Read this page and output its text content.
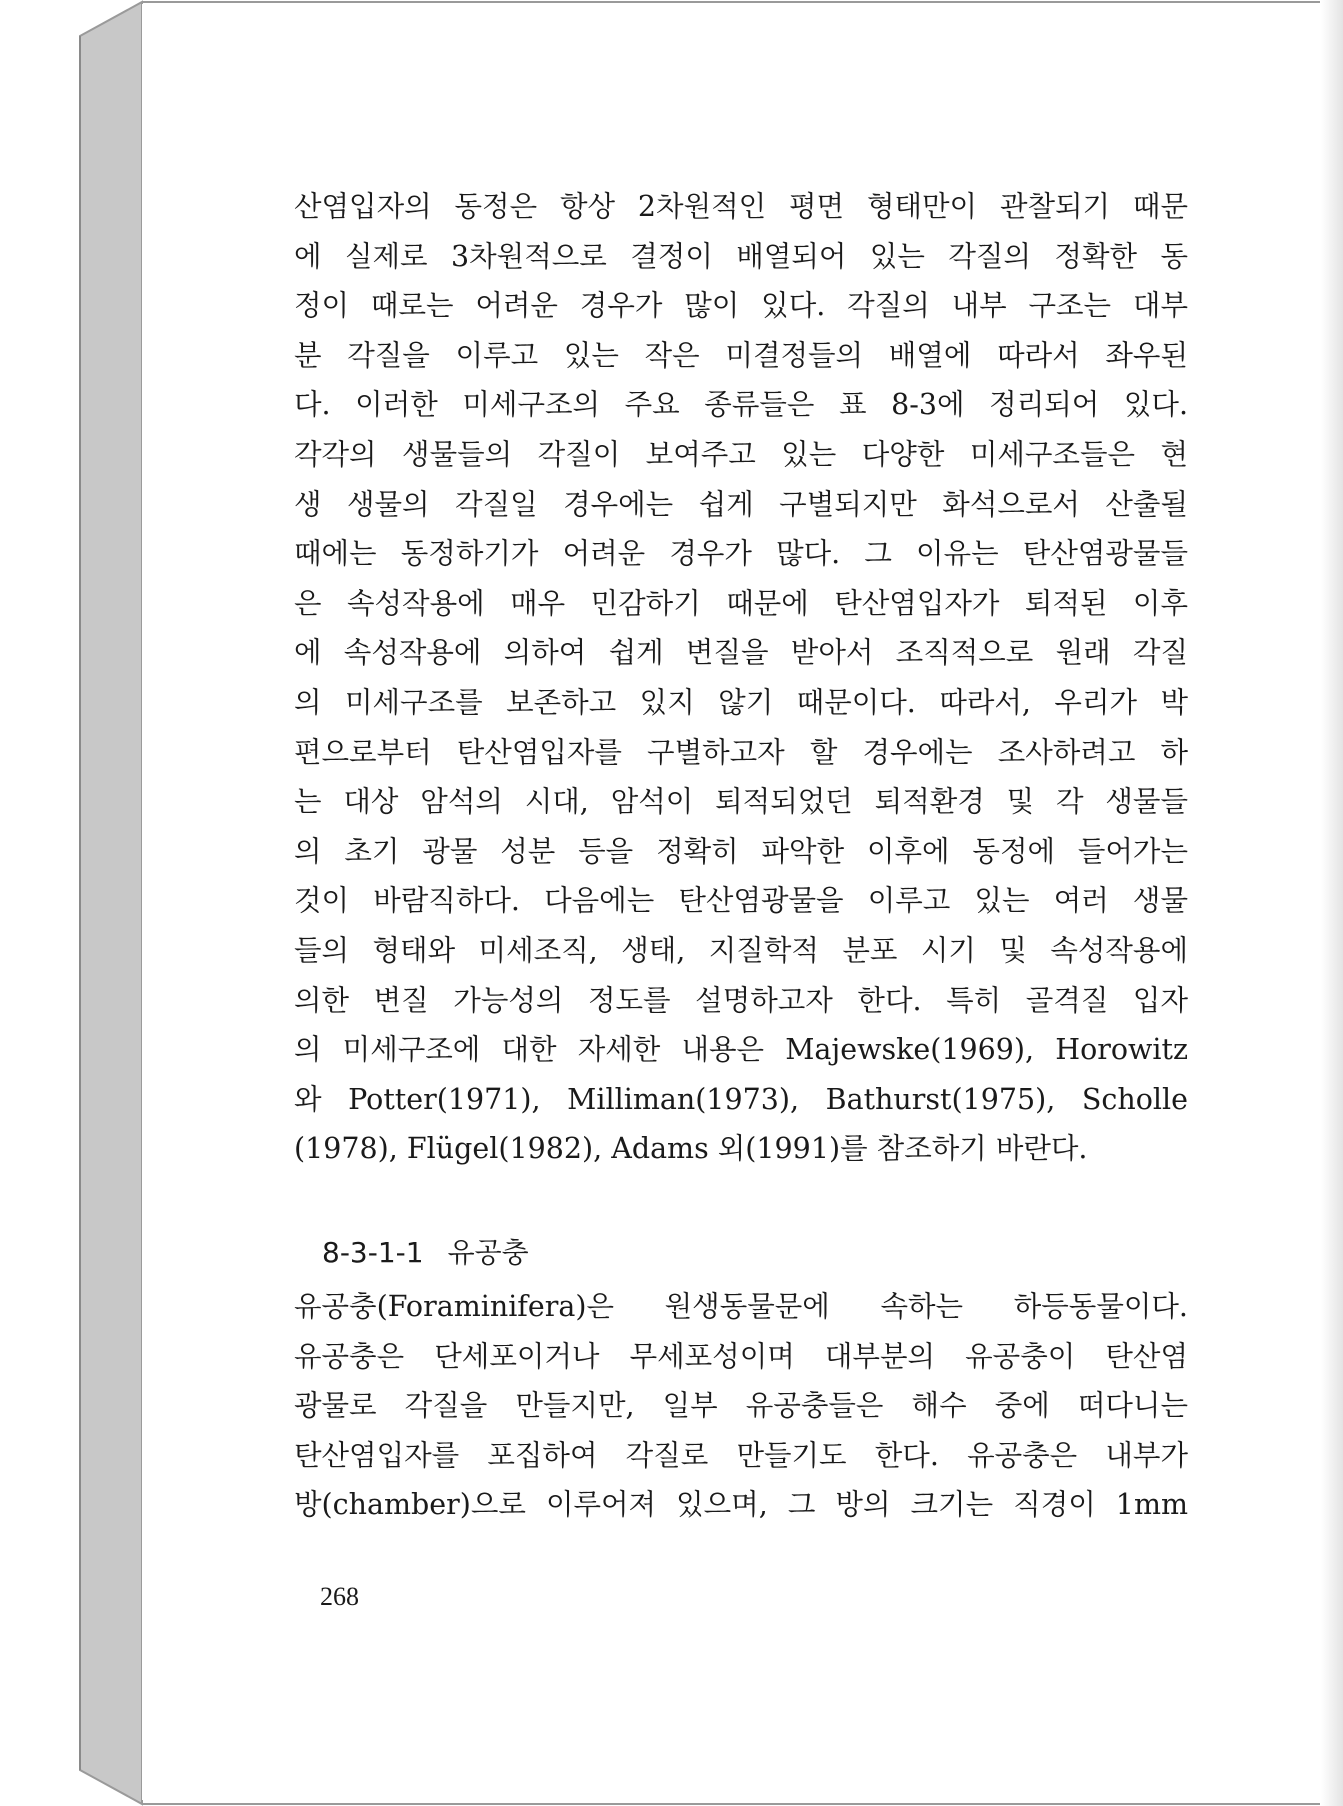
산염입자의 동정은 항상 2차원적인 평면 형태만이 관찰되기 때문
에 실제로 3차원적으로 결정이 배열되어 있는 각질의 정확한 동
정이 때로는 어려운 경우가 많이 있다. 각질의 내부 구조는 대부
분 각질을 이루고 있는 작은 미결정들의 배열에 따라서 좌우된
다. 이러한 미세구조의 주요 종류들은 표 8-3에 정리되어 있다.
각각의 생물들의 각질이 보여주고 있는 다양한 미세구조들은 현
생 생물의 각질일 경우에는 쉽게 구별되지만 화석으로서 산출될
때에는 동정하기가 어려운 경우가 많다. 그 이유는 탄산염광물들
은 속성작용에 매우 민감하기 때문에 탄산염입자가 퇴적된 이후
에 속성작용에 의하여 쉽게 변질을 받아서 조직적으로 원래 각질
의 미세구조를 보존하고 있지 않기 때문이다. 따라서, 우리가 박
편으로부터 탄산염입자를 구별하고자 할 경우에는 조사하려고 하
는 대상 암석의 시대, 암석이 퇴적되었던 퇴적환경 및 각 생물들
의 초기 광물 성분 등을 정확히 파악한 이후에 동정에 들어가는
것이 바람직하다. 다음에는 탄산염광물을 이루고 있는 여러 생물
들의 형태와 미세조직, 생태, 지질학적 분포 시기 및 속성작용에
의한 변질 가능성의 정도를 설명하고자 한다. 특히 골격질 입자
의 미세구조에 대한 자세한 내용은 Majewske(1969), Horowitz
와 Potter(1971), Milliman(1973), Bathurst(1975), Scholle
(1978), Flügel(1982), Adams 외(1991)를 참조하기 바란다.
8-3-1-1 유공충
유공충(Foraminifera)은 원생동물문에 속하는 하등동물이다.
유공충은 단세포이거나 무세포성이며 대부분의 유공충이 탄산염
광물로 각질을 만들지만, 일부 유공충들은 해수 중에 떠다니는
탄산염입자를 포집하여 각질로 만들기도 한다. 유공충은 내부가
방(chamber)으로 이루어져 있으며, 그 방의 크기는 직경이 1mm
268
